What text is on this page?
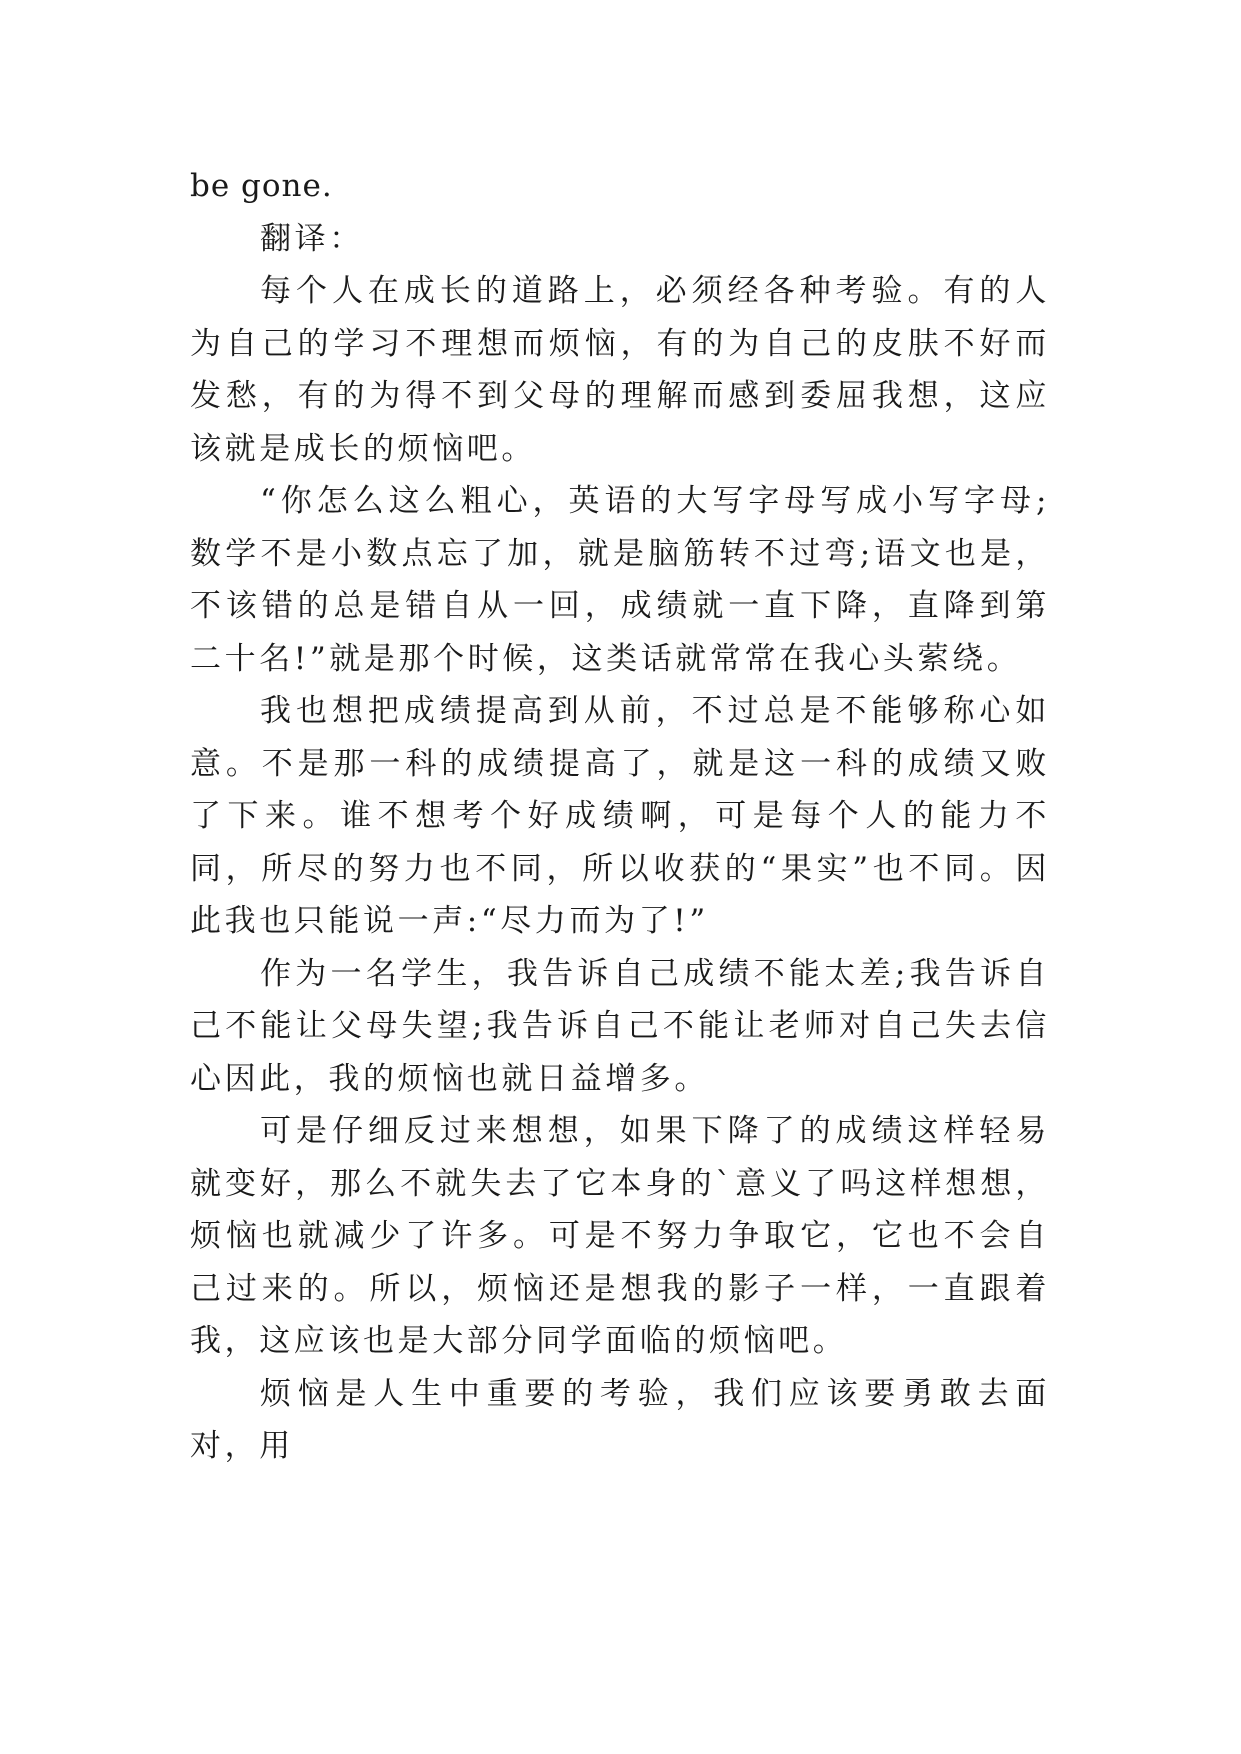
be gone.

翻译：

每个人在成长的道路上，必须经各种考验。有的人为自己的学习不理想而烦恼，有的为自己的皮肤不好而发愁，有的为得不到父母的理解而感到委屈我想，这应该就是成长的烦恼吧。

“你怎么这么粗心，英语的大写字母写成小写字母;数学不是小数点忘了加，就是脑筋转不过弯;语文也是，不该错的总是错自从一回，成绩就一直下降，直降到第二十名!”就是那个时候，这类话就常常在我心头萦绕。

我也想把成绩提高到从前，不过总是不能够称心如意。不是那一科的成绩提高了，就是这一科的成绩又败了下来。谁不想考个好成绩啊，可是每个人的能力不同，所尽的努力也不同，所以收获的“果实”也不同。因此我也只能说一声:“尽力而为了!”

作为一名学生，我告诉自己成绩不能太差;我告诉自己不能让父母失望;我告诉自己不能让老师对自己失去信心因此，我的烦恼也就日益增多。

可是仔细反过来想想，如果下降了的成绩这样轻易就变好，那么不就失去了它本身的`意义了吗这样想想，烦恼也就减少了许多。可是不努力争取它，它也不会自己过来的。所以，烦恼还是想我的影子一样，一直跟着我，这应该也是大部分同学面临的烦恼吧。

烦恼是人生中重要的考验，我们应该要勇敢去面对，用
